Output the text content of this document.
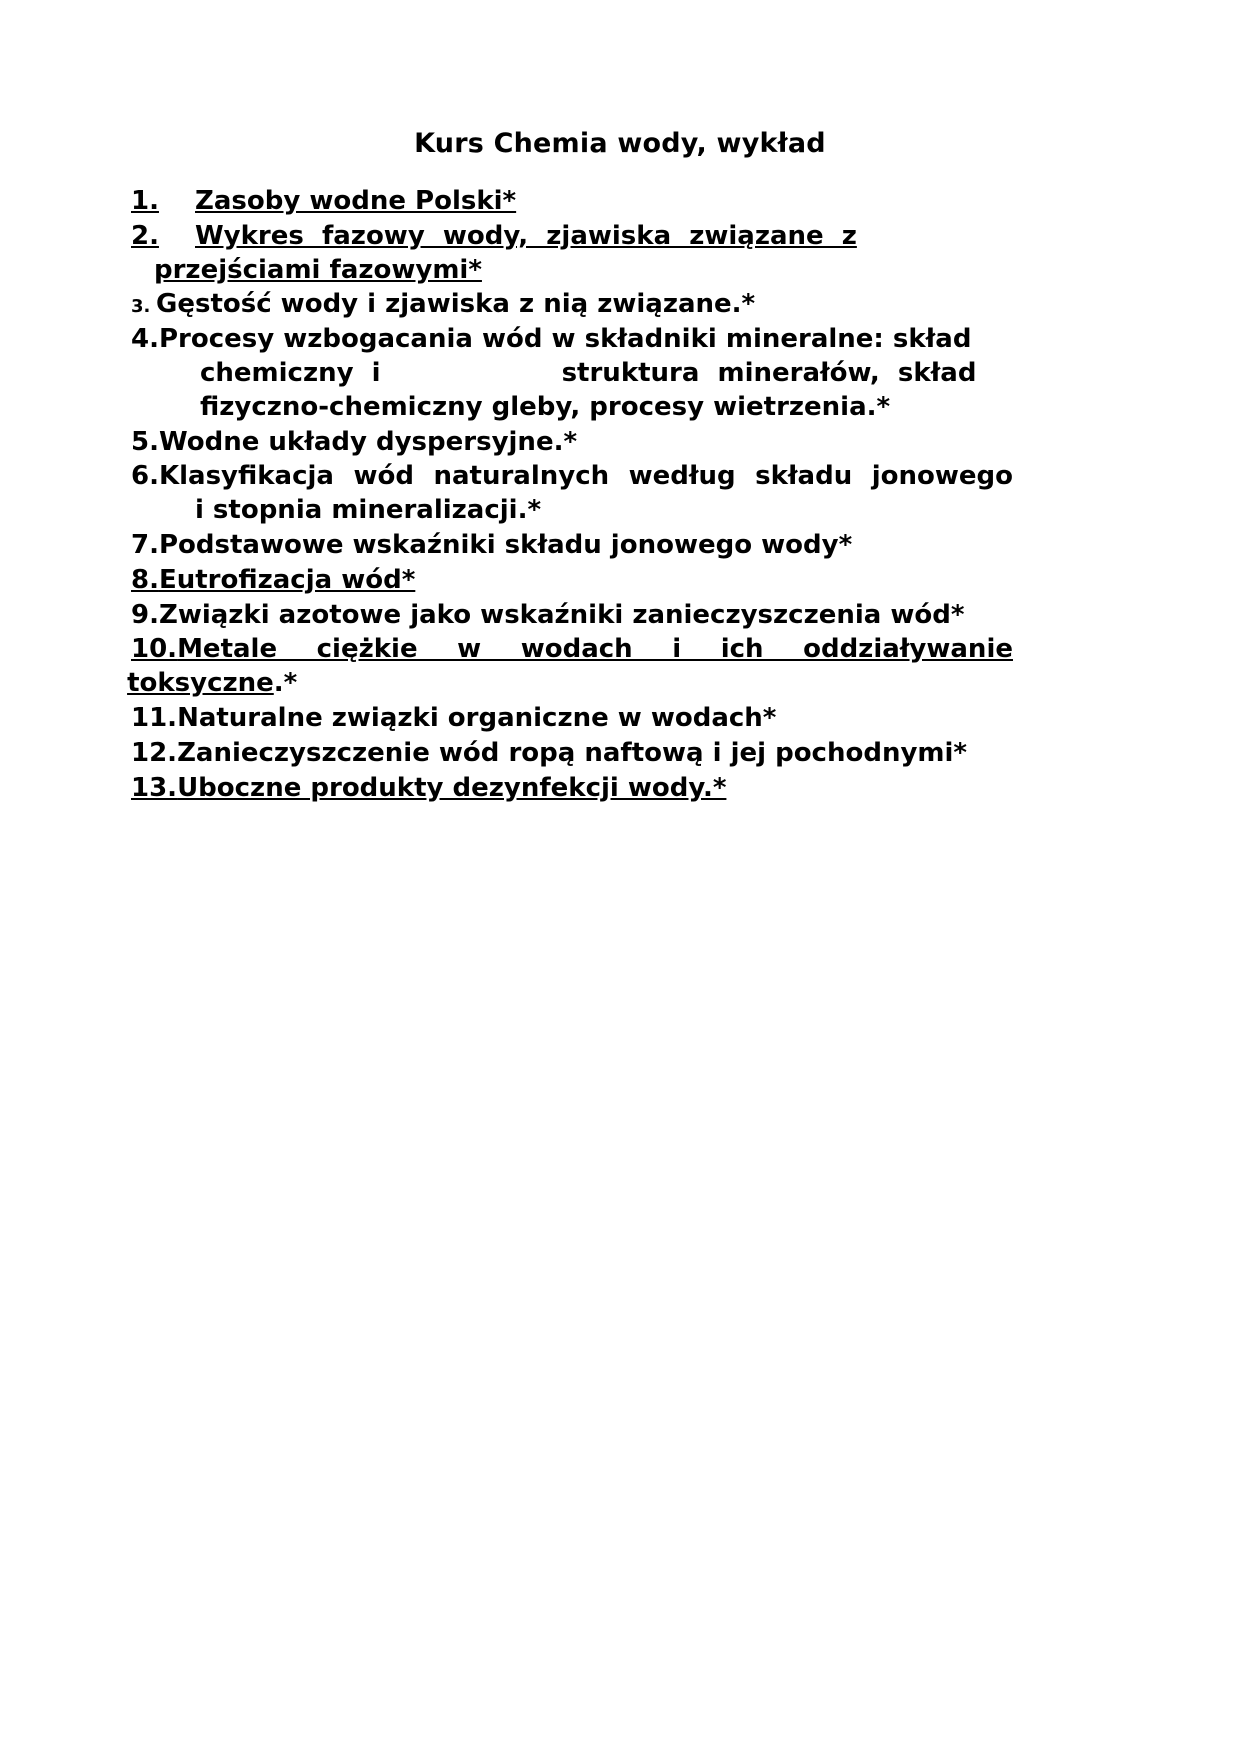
Kurs Chemia wody, wykład
1.	Zasoby wodne Polski*
2.	Wykres  fazowy  wody,  zjawiska  związane  z
przejściami fazowymi*
3. Gęstość wody i zjawiska z nią związane.*
4. Procesy wzbogacania wód w składniki mineralne: skład
chemiczny  i                    struktura  minerałów,  skład
fizyczno-chemiczny gleby, procesy wietrzenia.*
5. Wodne układy dyspersyjne.*
6. Klasyfikacja  wód  naturalnych  według  składu  jonowego
i stopnia mineralizacji.*
7. Podstawowe wskaźniki składu jonowego wody*
8. Eutrofizacja wód*
9. Związki azotowe jako wskaźniki zanieczyszczenia wód*
10. Metale  ciężkie  w  wodach  i  ich  oddziaływanie
toksyczne.*
11. Naturalne związki organiczne w wodach*
12. Zanieczyszczenie wód ropą naftową i jej pochodnymi*
13. Uboczne produkty dezynfekcji wody.*
